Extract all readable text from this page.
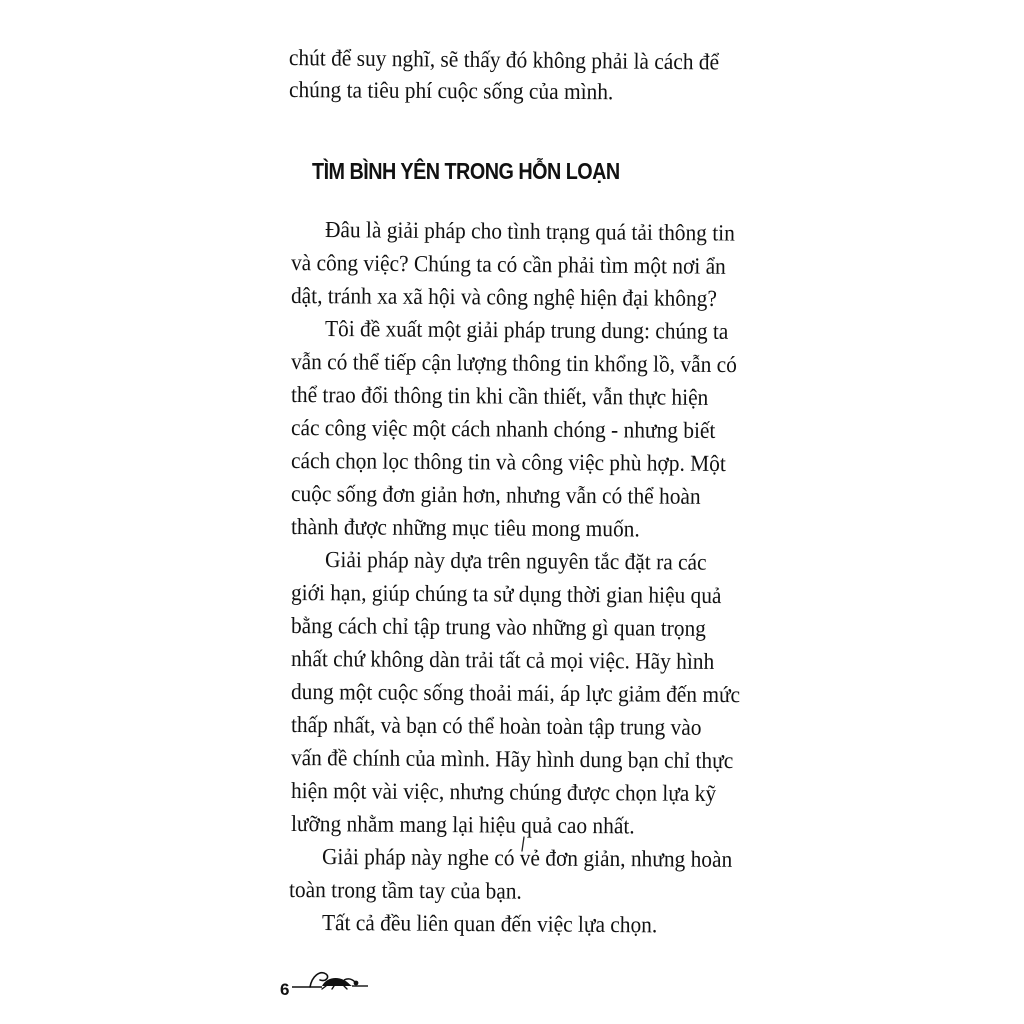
chút để suy nghĩ, sẽ thấy đó không phải là cách để

chúng ta tiêu phí cuộc sống của mình.

TÌM BÌNH YÊN TRONG HỖN LOẠN

Đâu là giải pháp cho tình trạng quá tải thông tin

và công việc? Chúng ta có cần phải tìm một nơi ẩn

dật, tránh xa xã hội và công nghệ hiện đại không?

Tôi đề xuất một giải pháp trung dung: chúng ta

vẫn có thể tiếp cận lượng thông tin khổng lồ, vẫn có

thể trao đổi thông tin khi cần thiết, vẫn thực hiện

các công việc một cách nhanh chóng - nhưng biết

cách chọn lọc thông tin và công việc phù hợp. Một

cuộc sống đơn giản hơn, nhưng vẫn có thể hoàn

thành được những mục tiêu mong muốn.

Giải pháp này dựa trên nguyên tắc đặt ra các

giới hạn, giúp chúng ta sử dụng thời gian hiệu quả

bằng cách chỉ tập trung vào những gì quan trọng

nhất chứ không dàn trải tất cả mọi việc. Hãy hình

dung một cuộc sống thoải mái, áp lực giảm đến mức

thấp nhất, và bạn có thể hoàn toàn tập trung vào

vấn đề chính của mình. Hãy hình dung bạn chỉ thực

hiện một vài việc, nhưng chúng được chọn lựa kỹ

lưỡng nhằm mang lại hiệu quả cao nhất.

Giải pháp này nghe có vẻ đơn giản, nhưng hoàn

toàn trong tầm tay của bạn.

Tất cả đều liên quan đến việc lựa chọn.

6
